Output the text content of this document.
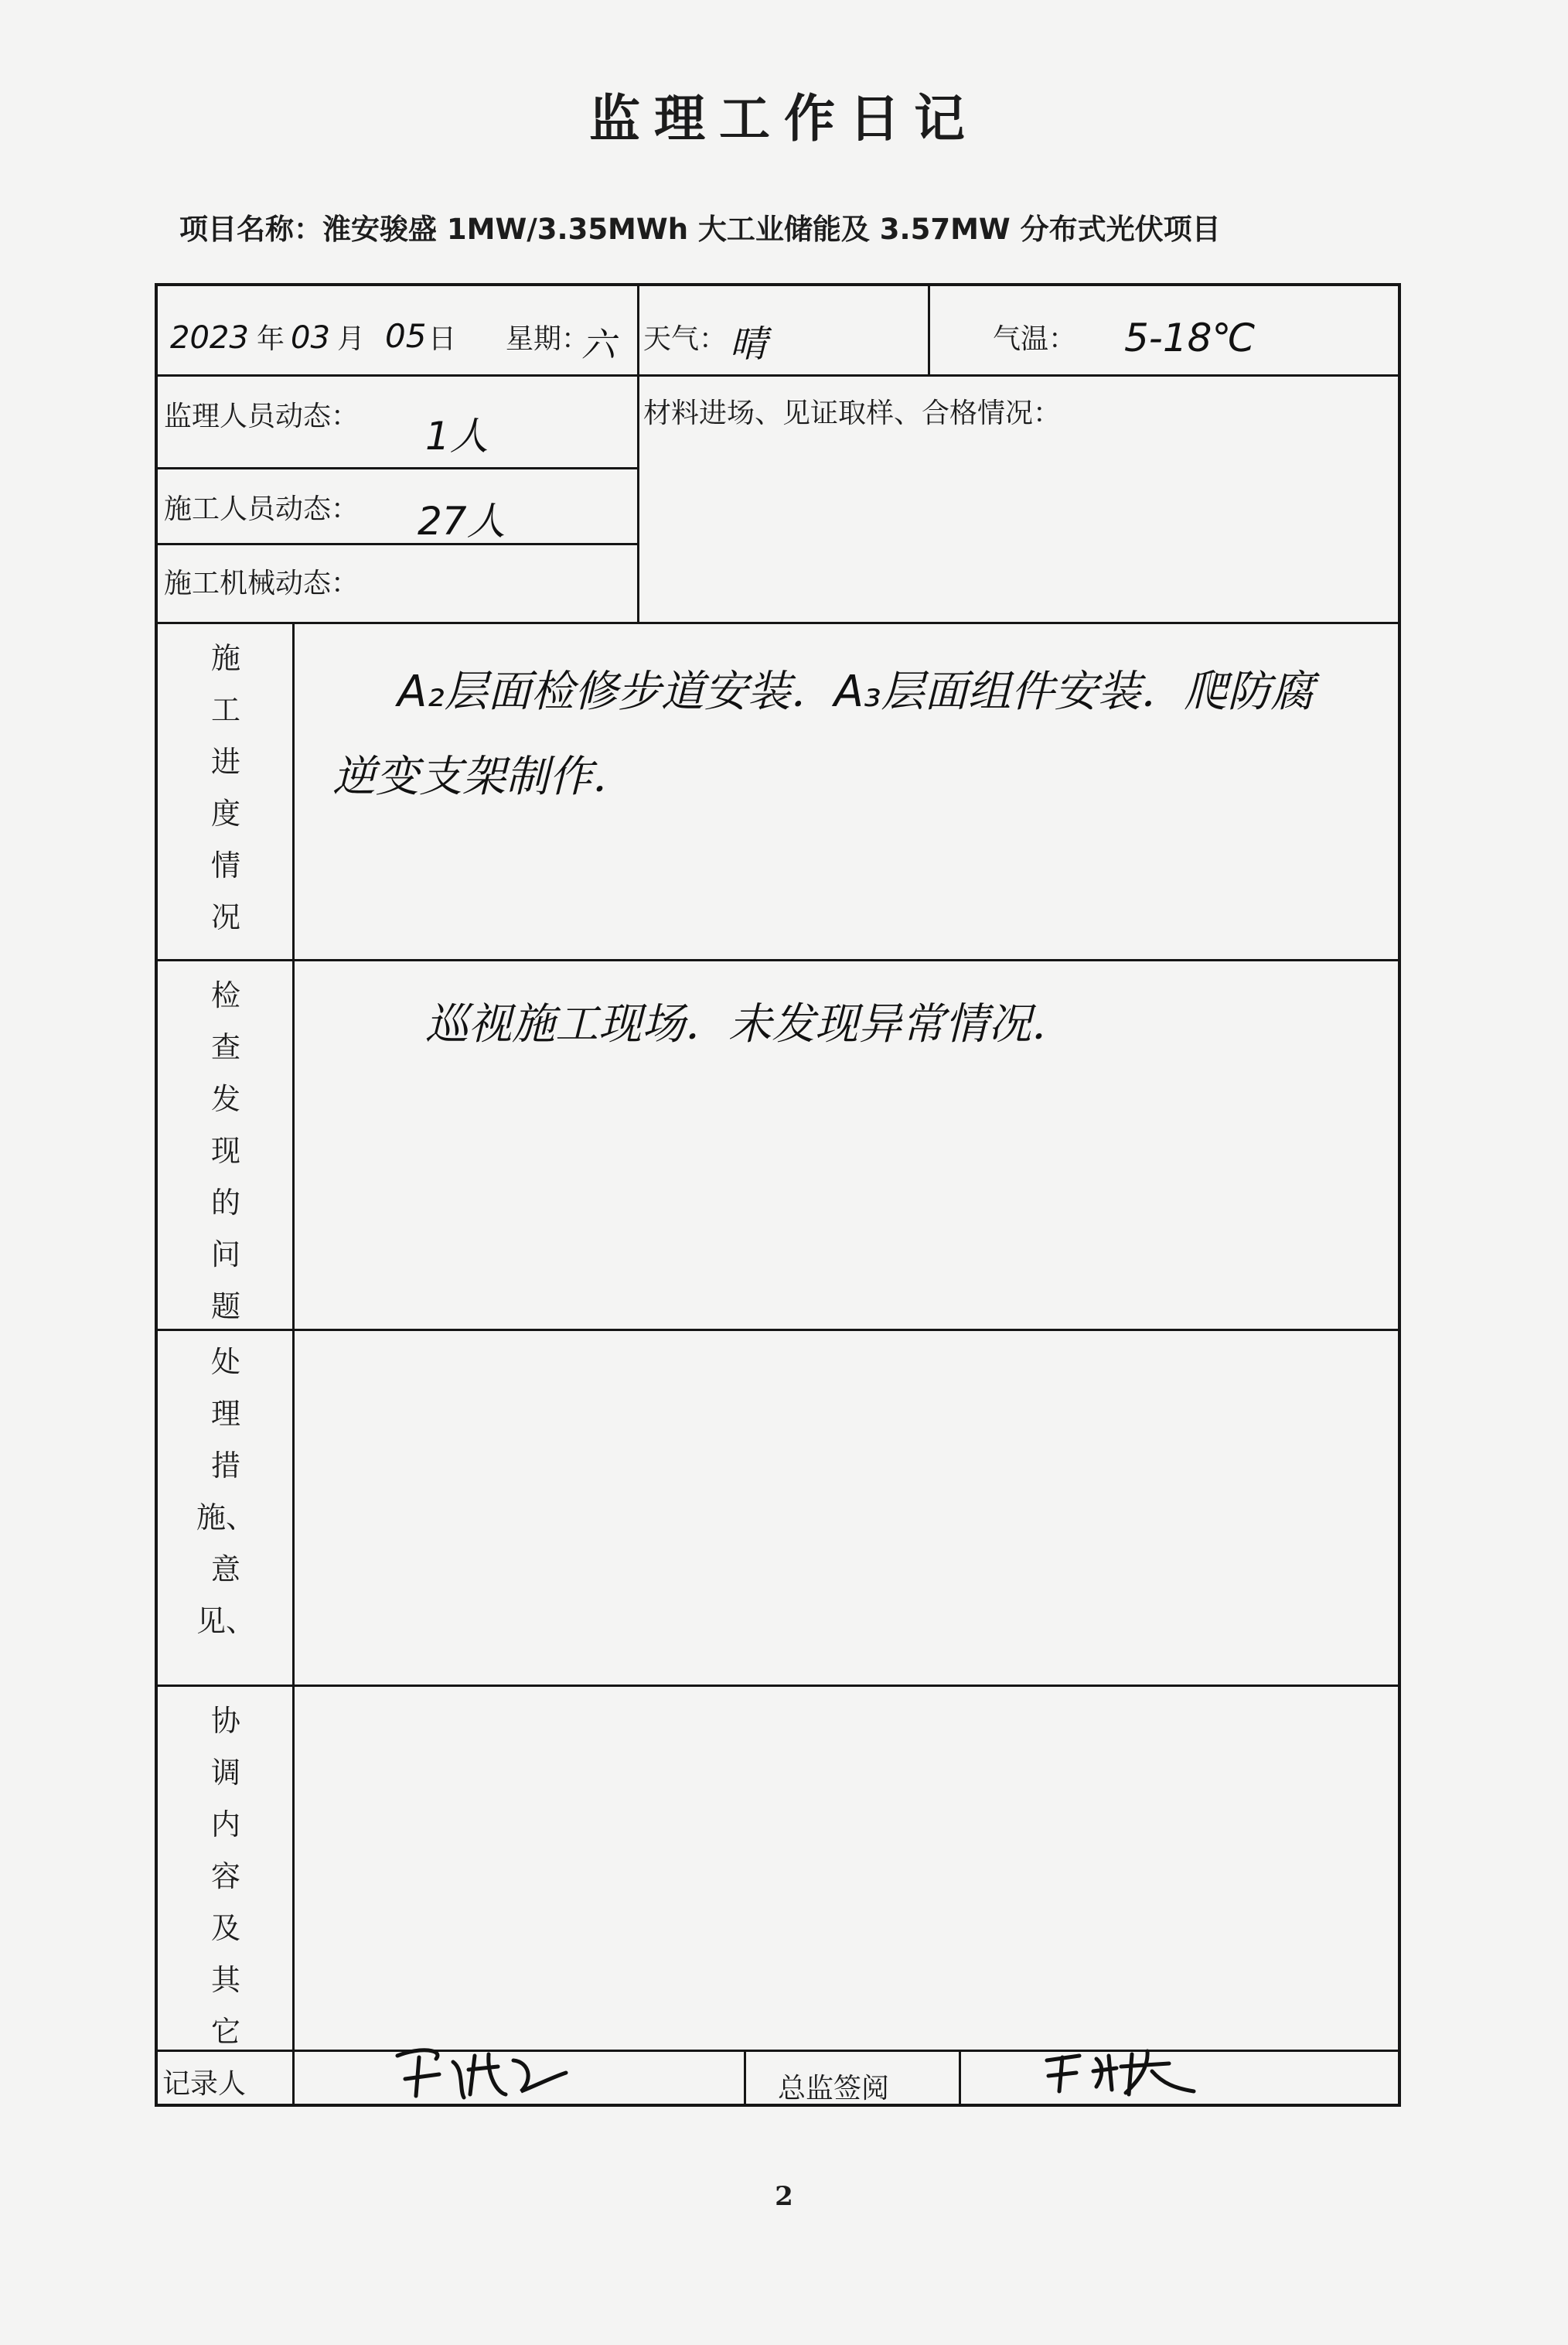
监理工作日记
项目名称：淮安骏盛 1MW/3.35MWh 大工业储能及 3.57MW 分布式光伏项目
2023 年 03 月 05 日 星期：
六 天气： 晴	气温： 5-18℃
监理人员动态： 1人
施工人员动态： 27人
施工机械动态：
材料进场、见证取样、合格情况：
施
工
进
度
情
况
A₂层面检修步道安装．A₃层面组件安装．爬防腐
逆变支架制作．
检
查
发
现
的
问
题
巡视施工现场．未发现异常情况．
处
理
措
施、
意
见、
协
调
内
容
及
其
它
记录人	总监签阅
2
